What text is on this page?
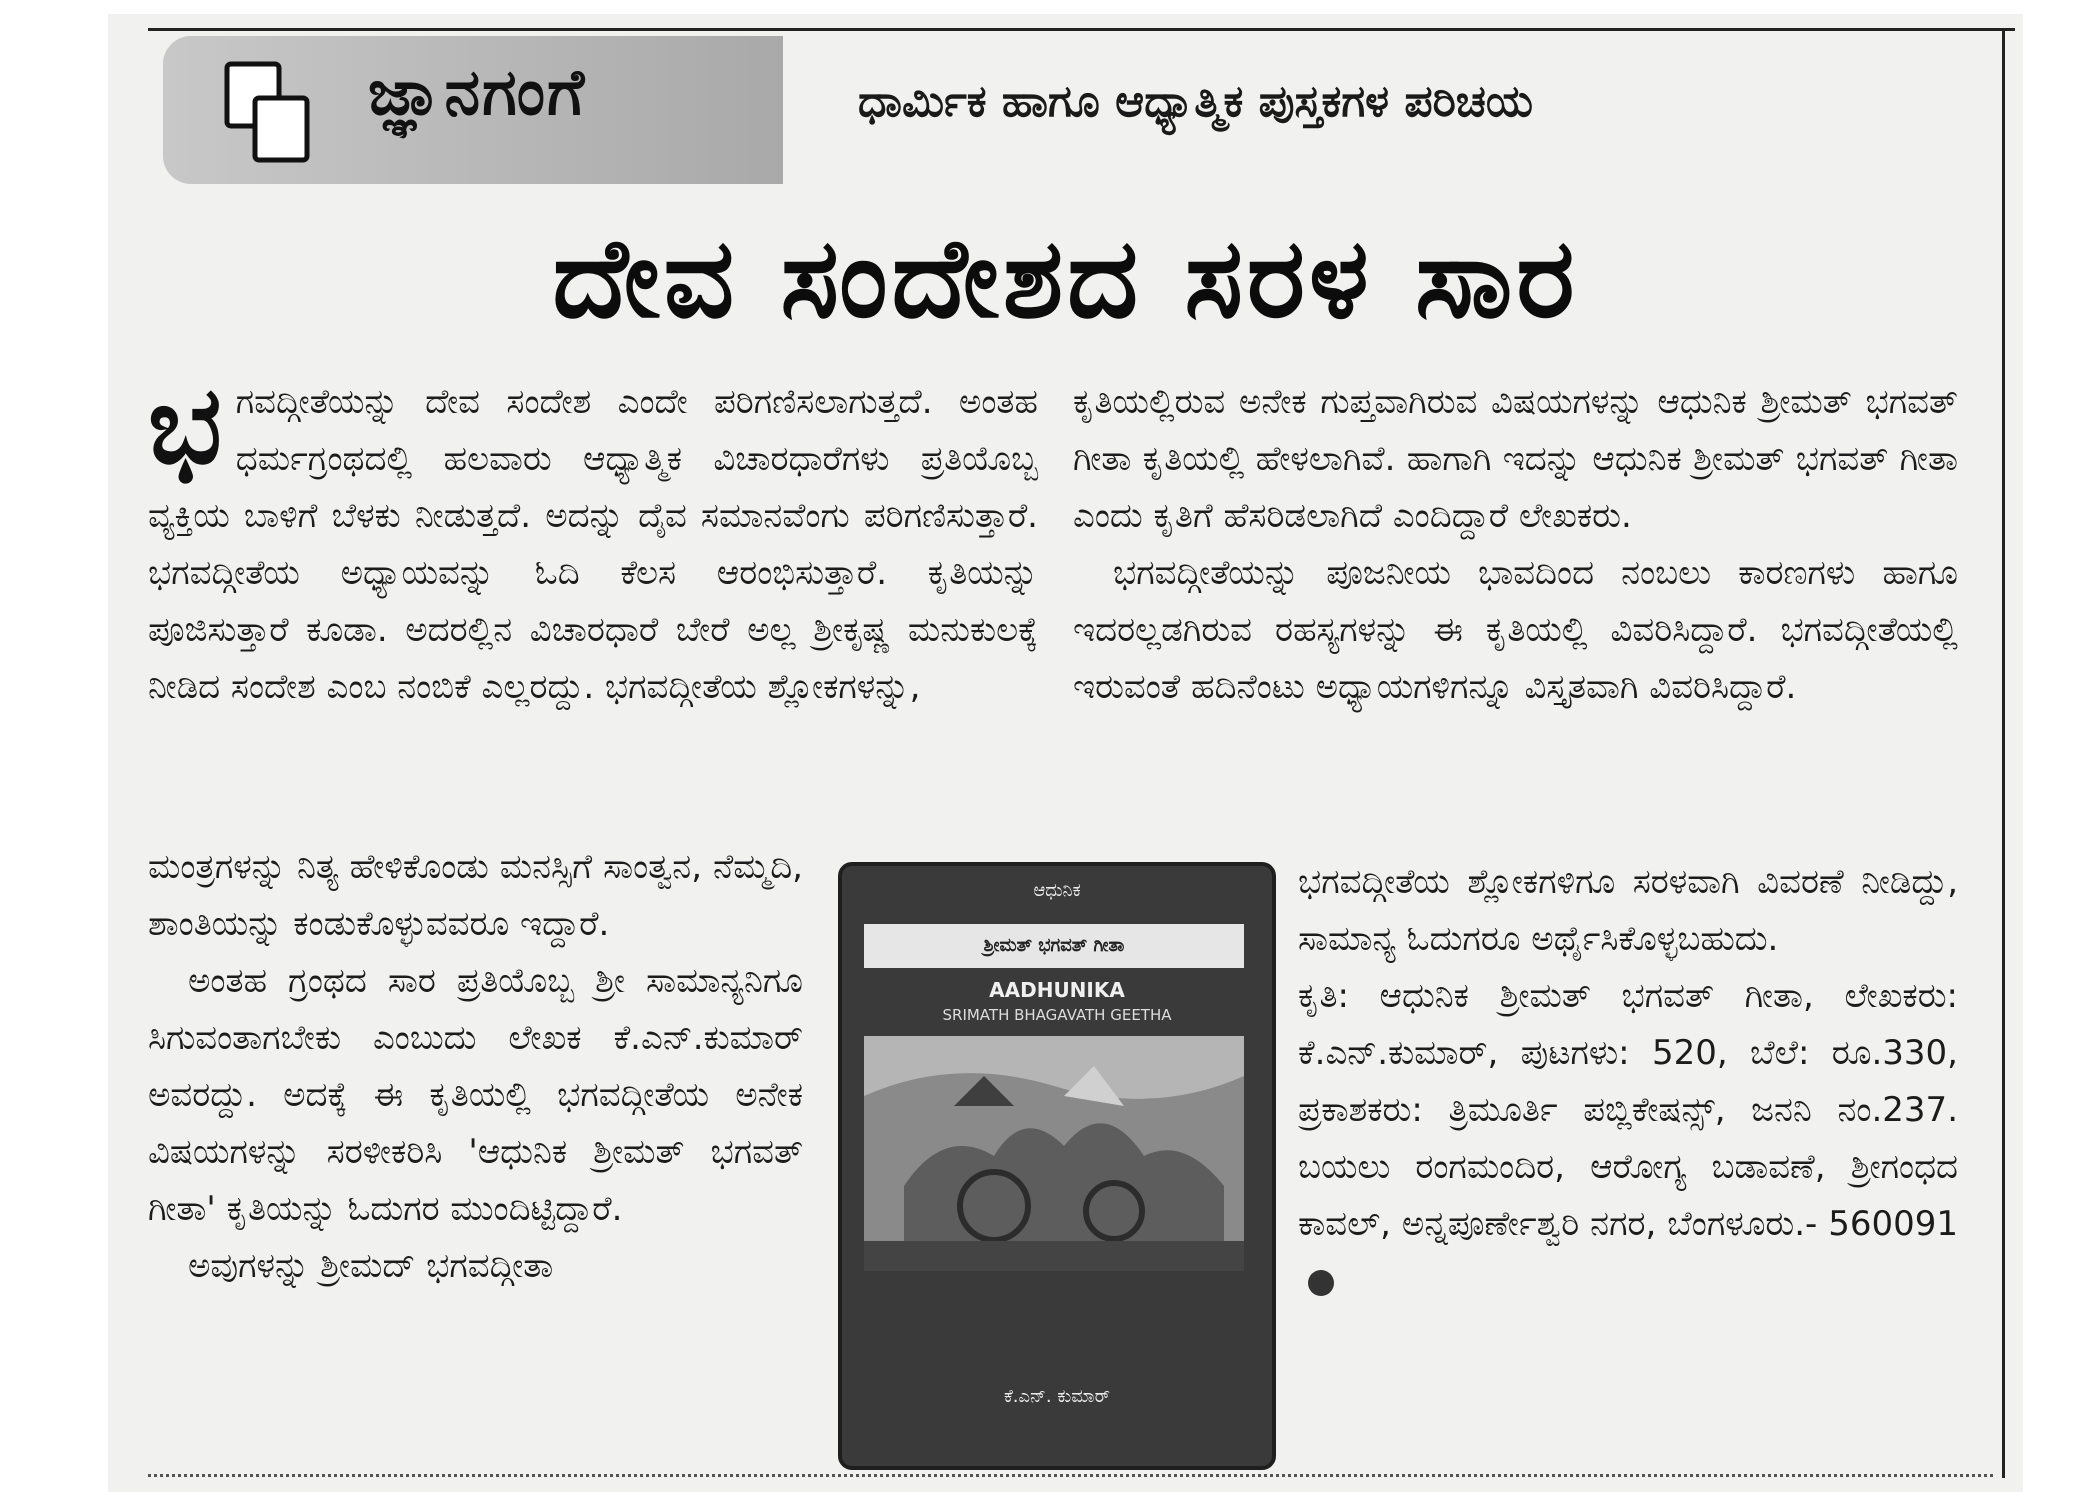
ಜ್ಞಾನಗಂಗೆ	ಧಾರ್ಮಿಕ ಹಾಗೂ ಆಧ್ಯಾತ್ಮಿಕ ಪುಸ್ತಕಗಳ ಪರಿಚಯ
ದೇವ ಸಂದೇಶದ ಸರಳ ಸಾರ

ಭ ಗವದ್ಗೀತೆಯನ್ನು ದೇವ ಸಂದೇಶ ಎಂದೇ ಪರಿಗಣಿಸಲಾಗುತ್ತದೆ. ಅಂತಹ ಧರ್ಮಗ್ರಂಥದಲ್ಲಿ ಹಲವಾರು ಆಧ್ಯಾತ್ಮಿಕ ವಿಚಾರಧಾರೆಗಳು ಪ್ರತಿಯೊಬ್ಬ ವ್ಯಕ್ತಿಯ ಬಾಳಿಗೆ ಬೆಳಕು ನೀಡುತ್ತದೆ. ಅದನ್ನು ದೈವ ಸಮಾನವೆಂಗು ಪರಿಗಣಿಸುತ್ತಾರೆ. ಭಗವದ್ಗೀತೆಯ ಅಧ್ಯಾಯವನ್ನು ಓದಿ ಕೆಲಸ ಆರಂಭಿಸುತ್ತಾರೆ. ಕೃತಿಯನ್ನು ಪೂಜಿಸುತ್ತಾರೆ ಕೂಡಾ. ಅದರಲ್ಲಿನ ವಿಚಾರಧಾರೆ ಬೇರೆ ಅಲ್ಲ ಶ್ರೀಕೃಷ್ಣ ಮನುಕುಲಕ್ಕೆ ನೀಡಿದ ಸಂದೇಶ ಎಂಬ ನಂಬಿಕೆ ಎಲ್ಲರದ್ದು. ಭಗವದ್ಗೀತೆಯ ಶ್ಲೋಕಗಳನ್ನು,

ಮಂತ್ರಗಳನ್ನು ನಿತ್ಯ ಹೇಳಿಕೊಂಡು ಮನಸ್ಸಿಗೆ ಸಾಂತ್ವನ, ನೆಮ್ಮದಿ, ಶಾಂತಿಯನ್ನು ಕಂಡುಕೊಳ್ಳುವವರೂ ಇದ್ದಾರೆ.

ಅಂತಹ ಗ್ರಂಥದ ಸಾರ ಪ್ರತಿಯೊಬ್ಬ ಶ್ರೀ ಸಾಮಾನ್ಯನಿಗೂ ಸಿಗುವಂತಾಗಬೇಕು ಎಂಬುದು ಲೇಖಕ ಕೆ.ಎನ್.ಕುಮಾರ್ ಅವರದ್ದು. ಅದಕ್ಕೆ ಈ ಕೃತಿಯಲ್ಲಿ ಭಗವದ್ಗೀತೆಯ ಅನೇಕ ವಿಷಯಗಳನ್ನು ಸರಳೀಕರಿಸಿ 'ಆಧುನಿಕ ಶ್ರೀಮತ್ ಭಗವತ್ ಗೀತಾ' ಕೃತಿಯನ್ನು ಓದುಗರ ಮುಂದಿಟ್ಟಿದ್ದಾರೆ.

ಅವುಗಳನ್ನು ಶ್ರೀಮದ್ ಭಗವದ್ಗೀತಾ

ಕೃತಿಯಲ್ಲಿರುವ ಅನೇಕ ಗುಪ್ತವಾಗಿರುವ ವಿಷಯಗಳನ್ನು ಆಧುನಿಕ ಶ್ರೀಮತ್ ಭಗವತ್ ಗೀತಾ ಕೃತಿಯಲ್ಲಿ ಹೇಳಲಾಗಿವೆ. ಹಾಗಾಗಿ ಇದನ್ನು ಆಧುನಿಕ ಶ್ರೀಮತ್ ಭಗವತ್ ಗೀತಾ ಎಂದು ಕೃತಿಗೆ ಹೆಸರಿಡಲಾಗಿದೆ ಎಂದಿದ್ದಾರೆ ಲೇಖಕರು.

ಭಗವದ್ಗೀತೆಯನ್ನು ಪೂಜನೀಯ ಭಾವದಿಂದ ನಂಬಲು ಕಾರಣಗಳು ಹಾಗೂ ಇದರಲ್ಲಡಗಿರುವ ರಹಸ್ಯಗಳನ್ನು ಈ ಕೃತಿಯಲ್ಲಿ ವಿವರಿಸಿದ್ದಾರೆ. ಭಗವದ್ಗೀತೆಯಲ್ಲಿ ಇರುವಂತೆ ಹದಿನೆಂಟು ಅಧ್ಯಾಯಗಳಿಗನ್ನೂ ವಿಸ್ತೃತವಾಗಿ ವಿವರಿಸಿದ್ದಾರೆ.

ಭಗವದ್ಗೀತೆಯ ಶ್ಲೋಕಗಳಿಗೂ ಸರಳವಾಗಿ ವಿವರಣೆ ನೀಡಿದ್ದು, ಸಾಮಾನ್ಯ ಓದುಗರೂ ಅರ್ಥೈಸಿಕೊಳ್ಳಬಹುದು.

ಕೃತಿ: ಆಧುನಿಕ ಶ್ರೀಮತ್ ಭಗವತ್ ಗೀತಾ, ಲೇಖಕರು: ಕೆ.ಎನ್.ಕುಮಾರ್, ಪುಟಗಳು: 520, ಬೆಲೆ: ರೂ.330, ಪ್ರಕಾಶಕರು: ತ್ರಿಮೂರ್ತಿ ಪಬ್ಲಿಕೇಷನ್ಸ್, ಜನನಿ ನಂ.237. ಬಯಲು ರಂಗಮಂದಿರ, ಆರೋಗ್ಯ ಬಡಾವಣೆ, ಶ್ರೀಗಂಧದ ಕಾವಲ್, ಅನ್ನಪೂರ್ಣೇಶ್ವರಿ ನಗರ, ಬೆಂಗಳೂರು.- 560091

ಆಧುನಿಕ
ಶ್ರೀಮತ್ ಭಗವತ್ ಗೀತಾ
AADHUNIKA
SRIMATH BHAGAVATH GEETHA
ಕೆ.ಎನ್. ಕುಮಾರ್
